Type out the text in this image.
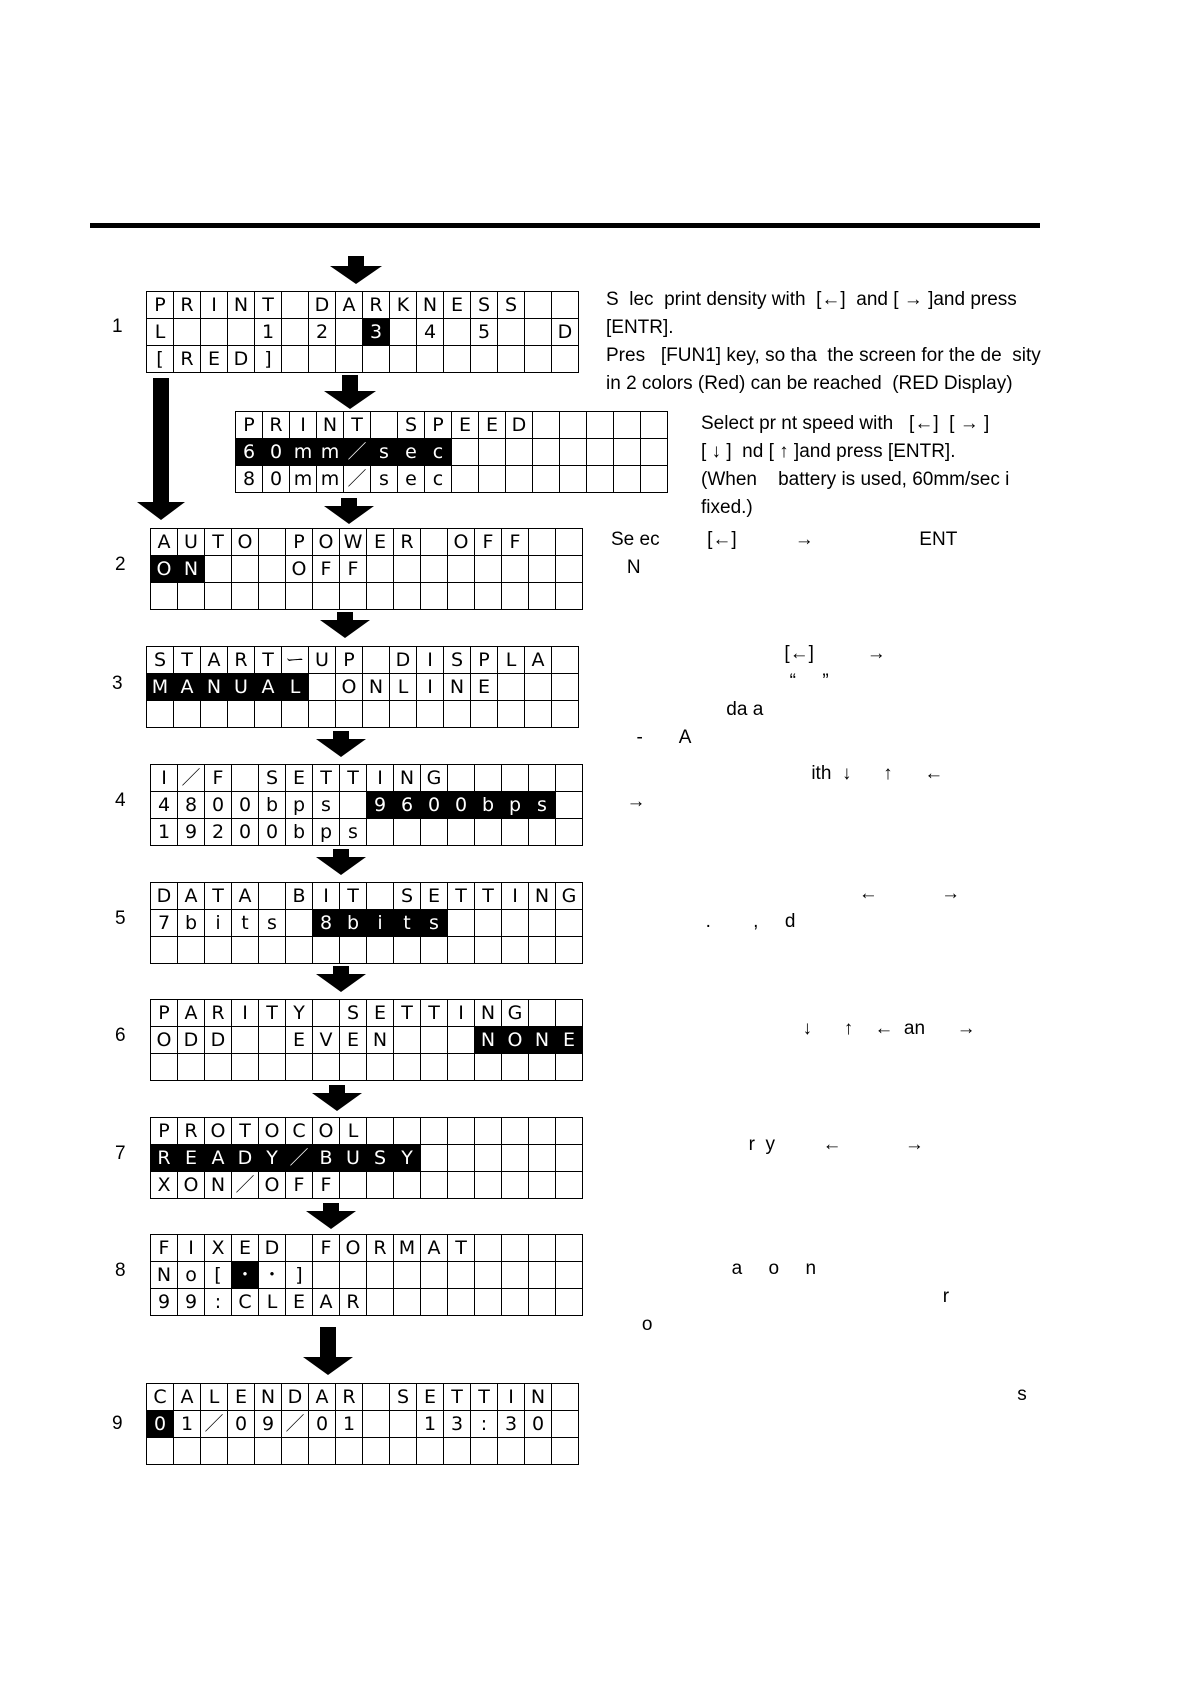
1
2
3
4
5
6
7
8
9
P	R	I	N	T		D	A	R	K	N	E	S	S		
L				1		2		3		4		5			D
[	R	E	D	]											
P	R	I	N	T		S	P	E	E	D					
6	0	m	m	／	s	e	c								
8	0	m	m	／	s	e	c								
A	U	T	O		P	O	W	E	R		O	F	F		
O	N				O	F	F								

S	T	A	R	T	ー	U	P		D	I	S	P	L	A	
M	A	N	U	A	L		O	N	L	I	N	E			

I	／	F		S	E	T	T	I	N	G					
4	8	0	0	b	p	s		9	6	0	0	b	p	s	
1	9	2	0	0	b	p	s								
D	A	T	A		B	I	T		S	E	T	T	I	N	G
7	b	i	t	s		8	b	i	t	s					

P	A	R	I	T	Y		S	E	T	T	I	N	G		
O	D	D			E	V	E	N				N	O	N	E

P	R	O	T	O	C	O	L								
R	E	A	D	Y	／	B	U	S	Y						
X	O	N	／	O	F	F									
F	I	X	E	D		F	O	R	M	A	T				
N	o	[	・	・	]										
9	9	:	C	L	E	A	R								
C	A	L	E	N	D	A	R		S	E	T	T	I	N	
0	1	／	0	9	／	0	1			1	3	:	3	0	

S  lec  print density with  [←]  and [ → ]and press
[ENTR].
Pres   [FUN1] key, so tha  the screen for the de  sity
in 2 colors (Red) can be reached  (RED Display)
Select pr nt speed with   [←]  [ → ]
[ ↓ ]  nd [ ↑ ]and press [ENTR].
(When    battery is used, 60mm/sec i
fixed.)
Se ec         [←]           →                    ENT
N
[←]          →
“     ”
da a
-       A
ith  ↓      ↑      ←
→
←            →
.        ,     d
↓      ↑    ←  an      →
r  y         ←            →
a     o     n
r
o
s
